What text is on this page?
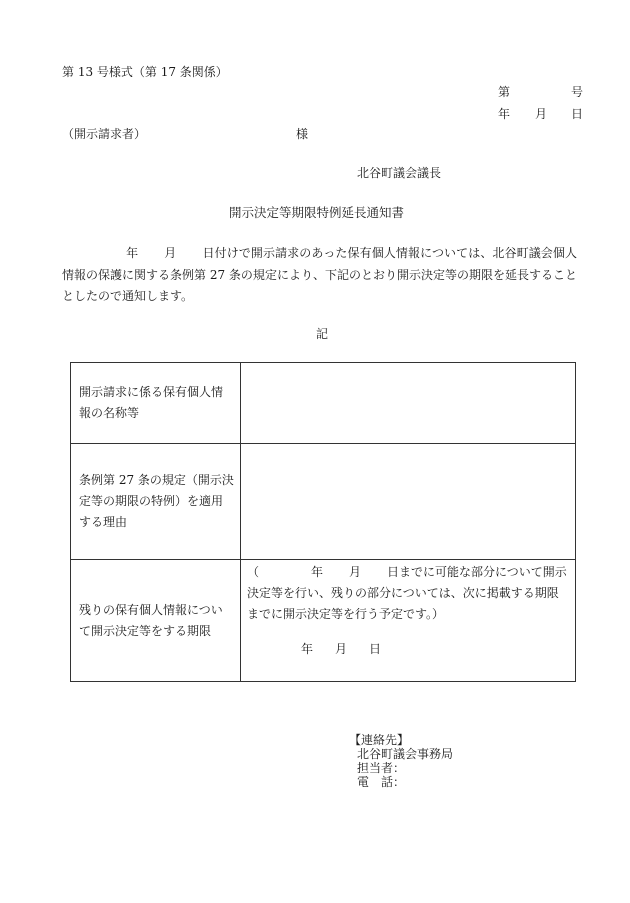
第 13 号様式（第 17 条関係）
第	号
年 月 日
（開示請求者）	様
北谷町議会議長
開示決定等期限特例延長通知書
年 月 日付けで開示請求のあった保有個人情報については、北谷町議会個人情報の保護に関する条例第 27 条の規定により、下記のとおり開示決定等の期限を延長することとしたので通知します。
記
開示請求に係る保有個人情報の名称等	
条例第 27 条の規定（開示決定等の期限の特例）を適用する理由	
残りの保有個人情報について開示決定等をする期限	（ 年 月 日までに可能な部分について開示決定等を行い、残りの部分については、次に掲載する期限までに開示決定等を行う予定です。）
年 月 日
【連絡先】
北谷町議会事務局
担当者：
電　話：
